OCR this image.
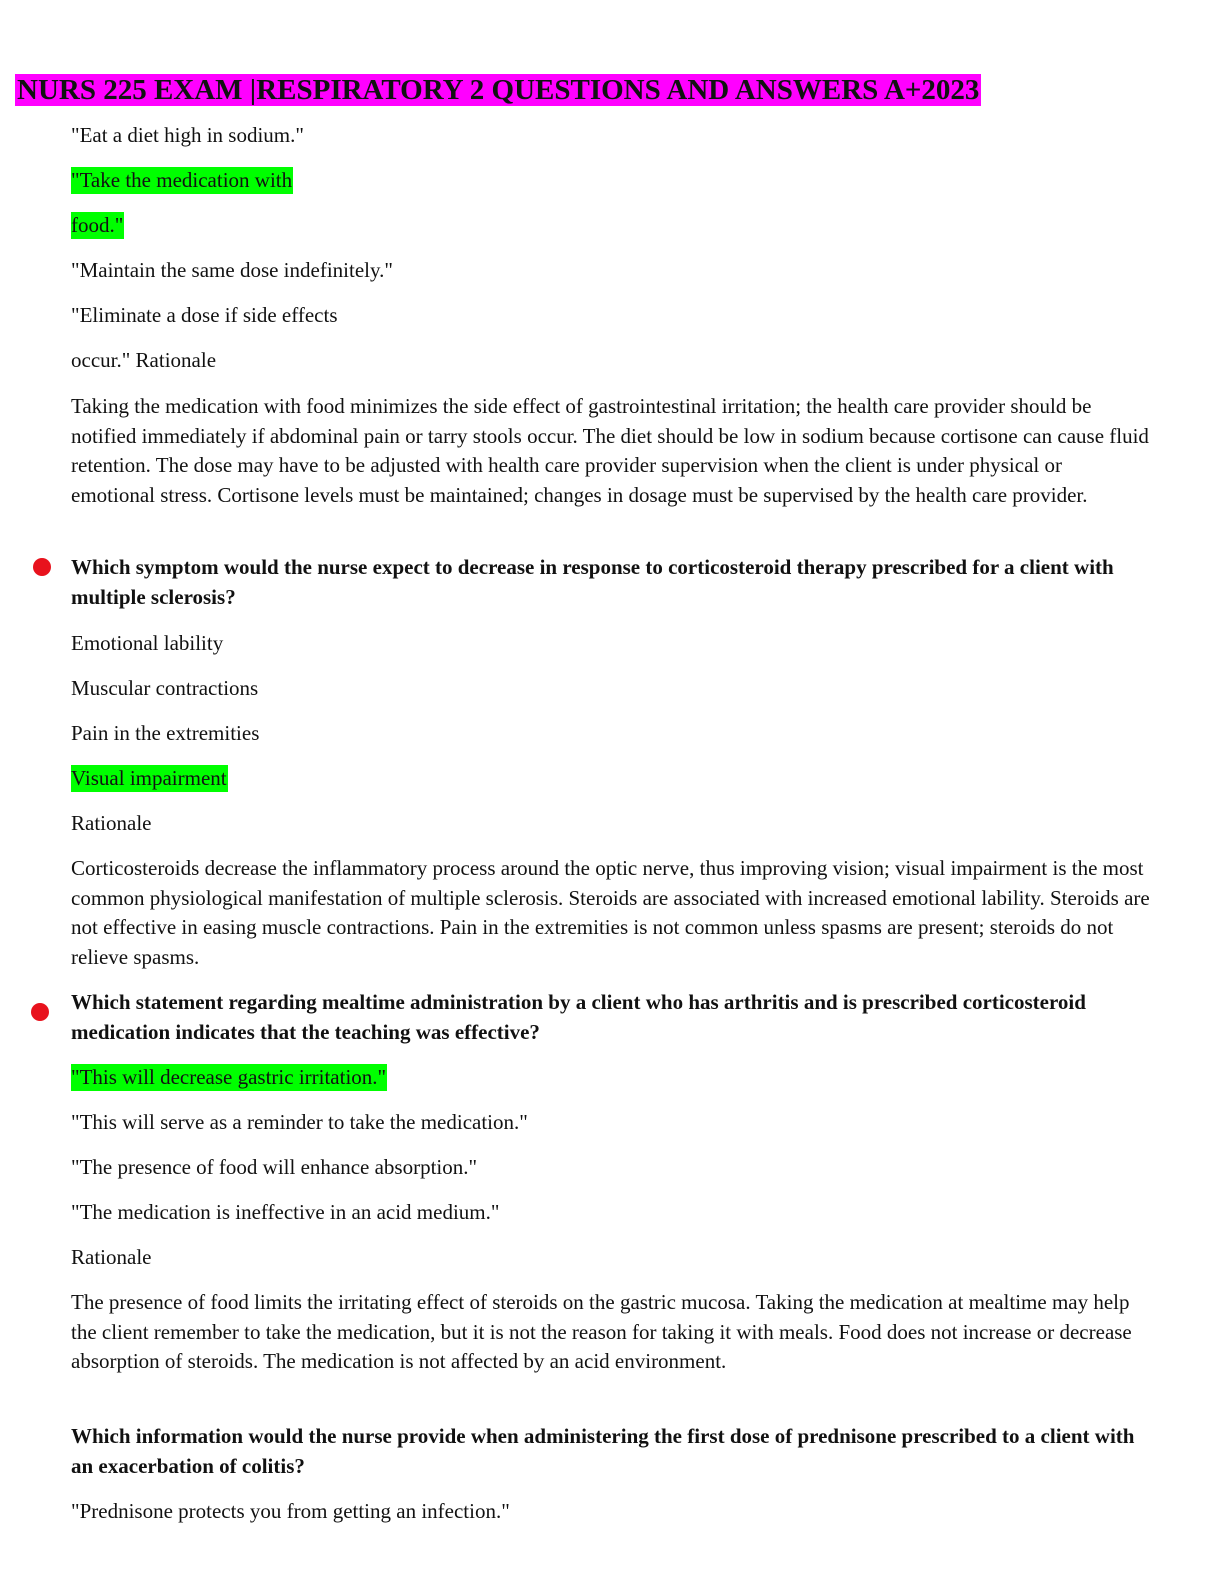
NURS 225 EXAM |RESPIRATORY 2 QUESTIONS AND ANSWERS A+2023

"Eat a diet high in sodium."

"Take the medication with

food."

"Maintain the same dose indefinitely."

"Eliminate a dose if side effects

occur." Rationale

Taking the medication with food minimizes the side effect of gastrointestinal irritation; the health care provider should be notified immediately if abdominal pain or tarry stools occur. The diet should be low in sodium because cortisone can cause fluid retention. The dose may have to be adjusted with health care provider supervision when the client is under physical or emotional stress. Cortisone levels must be maintained; changes in dosage must be supervised by the health care provider.

Which symptom would the nurse expect to decrease in response to corticosteroid therapy prescribed for a client with multiple sclerosis?

Emotional lability

Muscular contractions

Pain in the extremities

Visual impairment

Rationale

Corticosteroids decrease the inflammatory process around the optic nerve, thus improving vision; visual impairment is the most common physiological manifestation of multiple sclerosis. Steroids are associated with increased emotional lability. Steroids are not effective in easing muscle contractions. Pain in the extremities is not common unless spasms are present; steroids do not relieve spasms.

Which statement regarding mealtime administration by a client who has arthritis and is prescribed corticosteroid medication indicates that the teaching was effective?

"This will decrease gastric irritation."

"This will serve as a reminder to take the medication."

"The presence of food will enhance absorption."

"The medication is ineffective in an acid medium."

Rationale

The presence of food limits the irritating effect of steroids on the gastric mucosa. Taking the medication at mealtime may help the client remember to take the medication, but it is not the reason for taking it with meals. Food does not increase or decrease absorption of steroids. The medication is not affected by an acid environment.

Which information would the nurse provide when administering the first dose of prednisone prescribed to a client with an exacerbation of colitis?

"Prednisone protects you from getting an infection."
